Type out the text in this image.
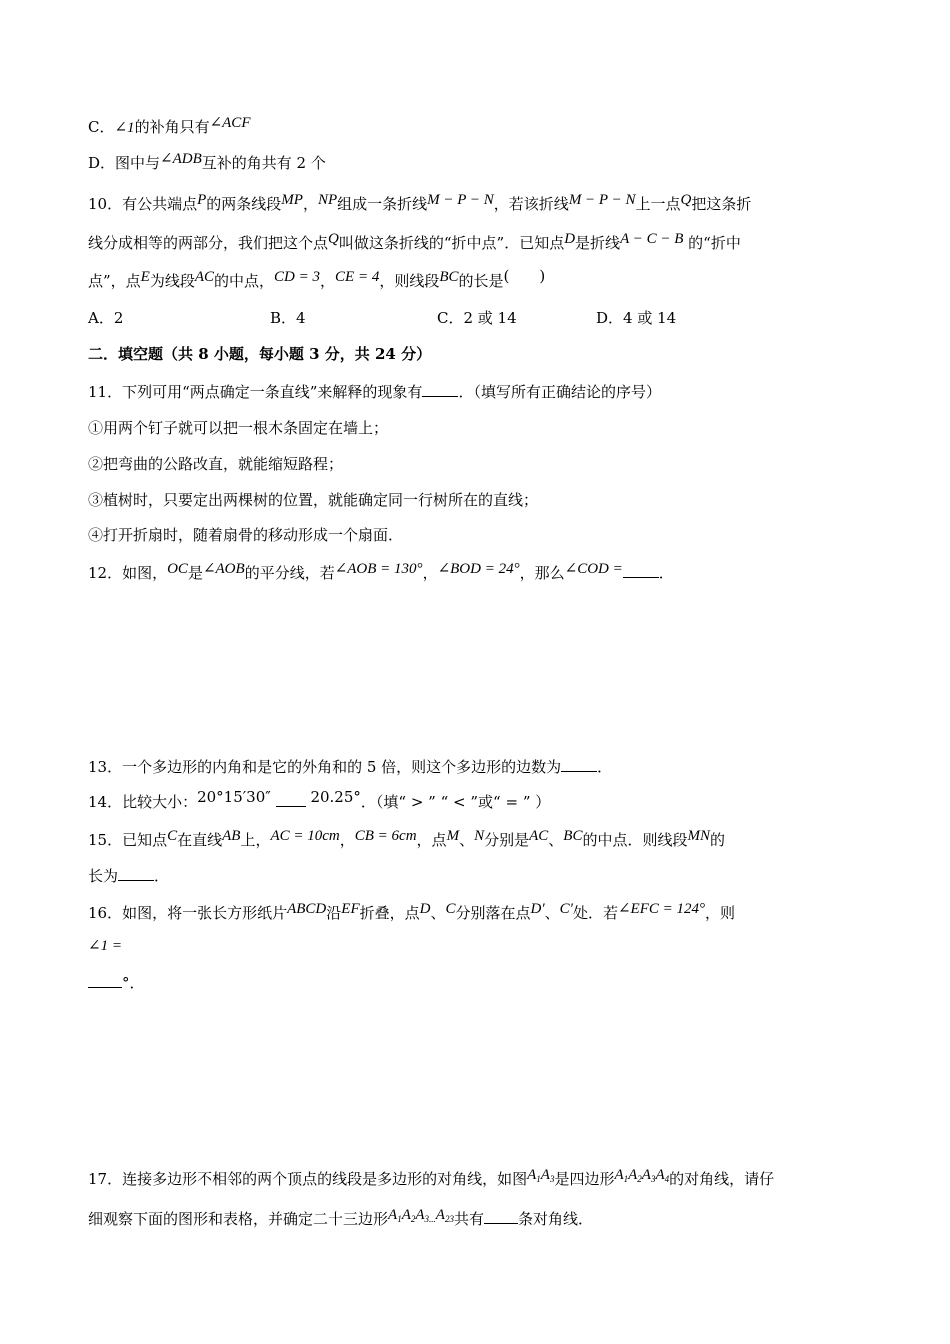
C．∠1的补角只有∠ACF
D．图中与∠ADB互补的角共有 2 个
10．有公共端点P的两条线段MP，NP组成一条折线M − P − N，若该折线M − P − N上一点Q把这条折
线分成相等的两部分，我们把这个点Q叫做这条折线的“折中点”．已知点D是折线A − C − B 的“折中
点”，点E为线段AC的中点，CD = 3，CE = 4，则线段BC的长是(　　)
A．2	B．4	C．2 或 14	D．4 或 14
二．填空题（共 8 小题，每小题 3 分，共 24 分）
11．下列可用“两点确定一条直线”来解释的现象有 ．（填写所有正确结论的序号）
①用两个钉子就可以把一根木条固定在墙上；
②把弯曲的公路改直，就能缩短路程；
③植树时，只要定出两棵树的位置，就能确定同一行树所在的直线；
④打开折扇时，随着扇骨的移动形成一个扇面．
12．如图，OC是∠AOB的平分线，若∠AOB = 130°，∠BOD = 24°，那么∠COD = ．
13．一个多边形的内角和是它的外角和的 5 倍，则这个多边形的边数为 ．
14．比较大小：20°15′30″	20.25°．（填“ > ” “ < ”或“ = ” ）
15．已知点C在直线AB上，AC = 10cm，CB = 6cm，点M、N分别是AC、BC的中点．则线段MN的
长为 ．
16．如图，将一张长方形纸片ABCD沿EF折叠，点D、C分别落在点D′、C′处．若∠EFC = 124°，则
∠1 =
°．
17．连接多边形不相邻的两个顶点的线段是多边形的对角线，如图$A_1A_3$是四边形$A_1A_2A_3A_4$的对角线，请仔
细观察下面的图形和表格，并确定二十三边形$A_1A_2A_{3...}A_{23}$共有 条对角线．
